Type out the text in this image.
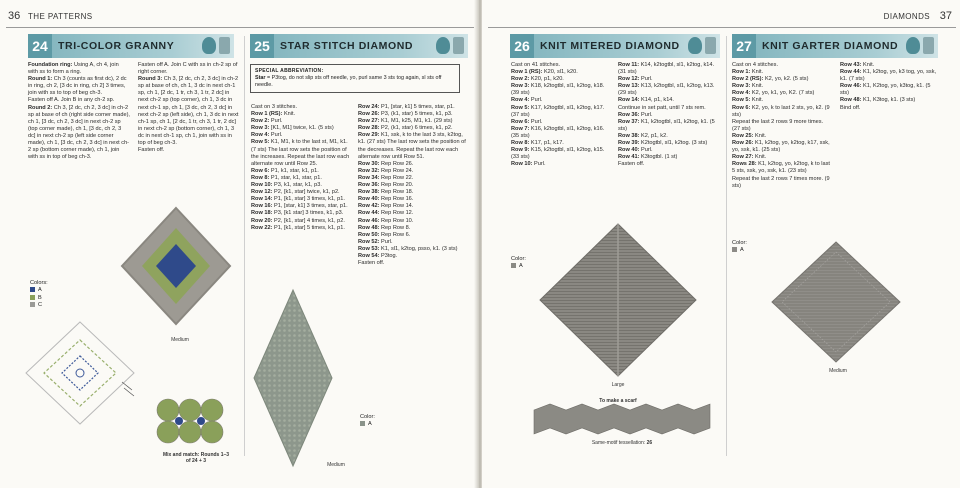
36 THE PATTERNS
24 TRI-COLOR GRANNY

Foundation ring: Using A, ch 4, join with ss to form a ring.

Round 1: Ch 3 (counts as first dc), 2 dc in ring, ch 2, [3 dc in ring, ch 2] 3 times, join with ss to top of beg ch-3.

Fasten off A. Join B in any ch-2 sp.

Round 2: Ch 3, [2 dc, ch 2, 3 dc] in ch-2 sp at base of ch (right side corner made), ch 1, [3 dc, ch 2, 3 dc] in next ch-2 sp (top corner made), ch 1, [3 dc, ch 2, 3 dc] in next ch-2 sp (left side corner made), ch 1, [3 dc, ch 2, 3 dc] in next ch-2 sp (bottom corner made), ch 1, join with ss in top of beg ch-3.

Fasten off A. Join C with ss in ch-2 sp of right corner.

Round 3: Ch 3, [2 dc, ch 2, 3 dc] in ch-2 sp at base of ch, ch 1, 3 dc in next ch-1 sp, ch 1, [2 dc, 1 tr, ch 3, 1 tr, 2 dc] in next ch-2 sp (top corner), ch 1, 3 dc in next ch-1 sp, ch 1, [3 dc, ch 2, 3 dc] in next ch-2 sp (left side), ch 1, 3 dc in next ch-1 sp, ch 1, [2 dc, 1 tr, ch 3, 1 tr, 2 dc] in next ch-2 sp (bottom corner), ch 1, 3 dc in next ch-1 sp, ch 1, join with ss in top of beg ch-3.

Fasten off.

Medium
Colors:
A
B
C
Mix and match: Rounds 1–3
of 24 + 3
25 STAR STITCH DIAMOND
SPECIAL ABBREVIATION:
Star = P3tog, do not slip sts off needle, yo, purl same 3 sts tog again, sl sts off needle.

Cast on 3 stitches.

Row 1 (RS): Knit.

Row 2: Purl.

Row 3: [K1, M1] twice, k1. (5 sts)

Row 4: Purl.

Row 5: K1, M1, k to the last st, M1, k1. (7 sts) The last row sets the position of the increases. Repeat the last row each alternate row until Row 25.

Row 6: P1, k1, star, k1, p1.

Row 8: P1, star, k1, star, p1.

Row 10: P3, k1, star, k1, p3.

Row 12: P2, [k1, star] twice, k1, p2.

Row 14: P1, [k1, star] 3 times, k1, p1.

Row 16: P1, [star, k1] 3 times, star, p1.

Row 18: P3, [k1 star] 3 times, k1, p3.

Row 20: P2, [k1, star] 4 times, k1, p2.

Row 22: P1, [k1, star] 5 times, k1, p1.

Row 24: P1, [star, k1] 5 times, star, p1.

Row 26: P3, (k1, star) 5 times, k1, p3.

Row 27: K1, M1, k25, M1, k1. (29 sts)

Row 28: P2, (k1, star) 6 times, k1, p2.

Row 29: K1, ssk, k to the last 3 sts, k2tog, k1. (27 sts) The last row sets the position of the decreases. Repeat the last row each alternate row until Row 51.

Row 30: Rep Row 26.

Row 32: Rep Row 24.

Row 34: Rep Row 22.

Row 36: Rep Row 20.

Row 38: Rep Row 18.

Row 40: Rep Row 16.

Row 42: Rep Row 14.

Row 44: Rep Row 12.

Row 46: Rep Row 10.

Row 48: Rep Row 8.

Row 50: Rep Row 6.

Row 52: Purl.

Row 53: K1, sl1, k2tog, psso, k1. (3 sts)

Row 54: P3tog.

Fasten off.

Medium
Color:
A
DIAMONDS 37
26 KNIT MITERED DIAMOND

Cast on 41 stitches.

Row 1 (RS): K20, sl1, k20.

Row 2: K20, p1, k20.

Row 3: K18, k2togtbl, sl1, k2tog, k18. (39 sts)

Row 4: Purl.

Row 5: K17, k2togtbl, sl1, k2tog, k17. (37 sts)

Row 6: Purl.

Row 7: K16, k2togtbl, sl1, k2tog, k16. (35 sts)

Row 8: K17, p1, k17.

Row 9: K15, k2togtbl, sl1, k2tog, k15. (33 sts)

Row 10: Purl.

Row 11: K14, k2togtbl, sl1, k2tog, k14. (31 sts)

Row 12: Purl.

Row 13: K13, k2togtbl, sl1, k2tog, k13. (29 sts)

Row 14: K14, p1, k14.

Continue in set patt, until 7 sts rem.

Row 36: Purl.

Row 37: K1, k2togtbl, sl1, k2tog, k1. (5 sts)

Row 38: K2, p1, k2.

Row 39: K2togtbl, sl1, k2tog. (3 sts)

Row 40: Purl.

Row 41: K3togtbl. (1 st)

Fasten off.

Color:
A
Large
To make a scarf
Same-motif tessellation: 26
27 KNIT GARTER DIAMOND

Cast on 4 stitches.

Row 1: Knit.

Row 2 (RS): K2, yo, k2. (5 sts)

Row 3: Knit.

Row 4: K2, yo, k1, yo, K2. (7 sts)

Row 5: Knit.

Row 6: K2, yo, k to last 2 sts, yo, k2. (9 sts)

Repeat the last 2 rows 9 more times. (27 sts)

Row 25: Knit.

Row 26: K1, k2tog, yo, k2tog, k17, ssk, yo, ssk, k1. (25 sts)

Row 27: Knit.

Rows 28: K1, k2tog, yo, k2tog, k to last 5 sts, ssk, yo, ssk, k1. (23 sts)

Repeat the last 2 rows 7 times more. (9 sts)

Row 43: Knit.

Row 44: K1, k2tog, yo, k3 tog, yo, ssk, k1. (7 sts)

Row 46: K1, K2tog, yo, k3tog, k1. (5 sts)

Row 48: K1, K3tog, k1. (3 sts)

Bind off.

Color:
A
Medium
